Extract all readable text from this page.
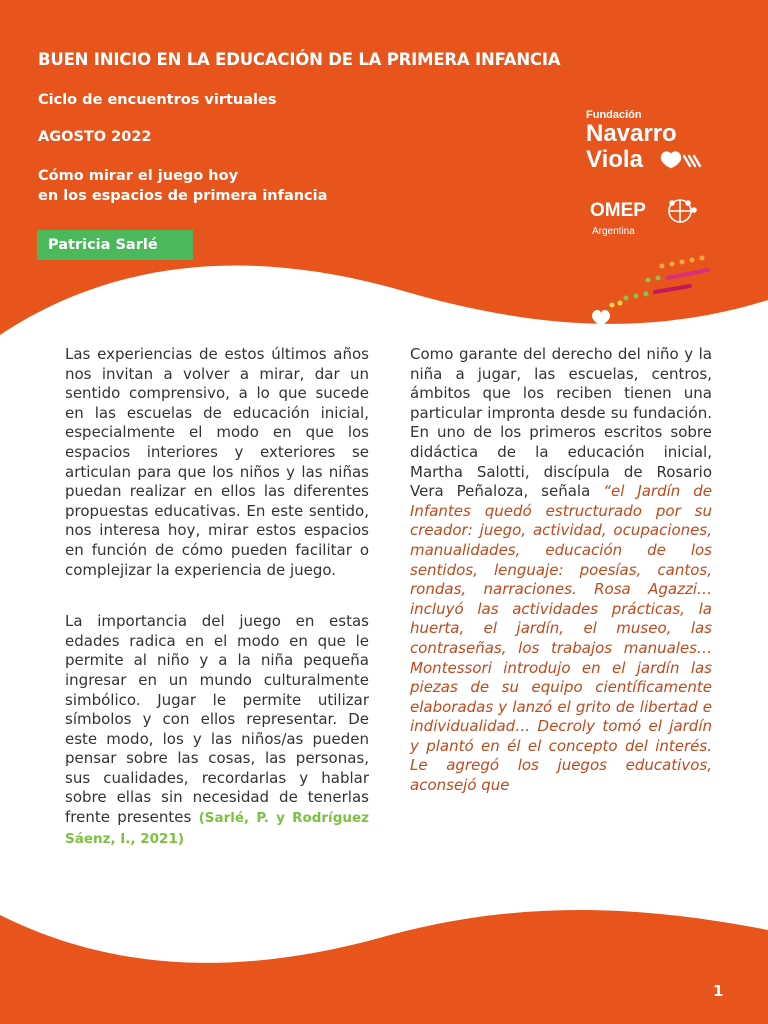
BUEN INICIO EN LA EDUCACIÓN DE LA PRIMERA INFANCIA
Ciclo de encuentros virtuales
AGOSTO 2022
Cómo mirar el juego hoy
en los espacios de primera infancia
Patricia Sarlé
Fundación
Navarro
Viola
OMEP
Argentina

Las experiencias de estos últimos años nos invitan a volver a mirar, dar un sentido comprensivo, a lo que sucede en las escuelas de educación inicial, especialmente el modo en que los espacios interiores y exteriores se articulan para que los niños y las niñas puedan realizar en ellos las diferentes propuestas educativas. En este sentido, nos interesa hoy, mirar estos espacios en función de cómo pueden facilitar o complejizar la experiencia de juego.

La importancia del juego en estas edades radica en el modo en que le permite al niño y a la niña pequeña ingresar en un mundo culturalmente simbólico. Jugar le permite utilizar símbolos y con ellos representar. De este modo, los y las niños/as pueden pensar sobre las cosas, las personas, sus cualidades, recordarlas y hablar sobre ellas sin necesidad de tenerlas frente presentes (Sarlé, P. y Rodríguez Sáenz, I., 2021)

Como garante del derecho del niño y la niña a jugar, las escuelas, centros, ámbitos que los reciben tienen una particular impronta desde su fundación. En uno de los primeros escritos sobre didáctica de la educación inicial, Martha Salotti, discípula de Rosario Vera Peñaloza, señala “el Jardín de Infantes quedó estructurado por su creador: juego, actividad, ocupaciones, manualidades, educación de los sentidos, lenguaje: poesías, cantos, rondas, narraciones. Rosa Agazzi… incluyó las actividades prácticas, la huerta, el jardín, el museo, las contraseñas, los trabajos manuales… Montessori introdujo en el jardín las piezas de su equipo científicamente elaboradas y lanzó el grito de libertad e individualidad… Decroly tomó el jardín y plantó en él el concepto del interés. Le agregó los juegos educativos, aconsejó que

1
